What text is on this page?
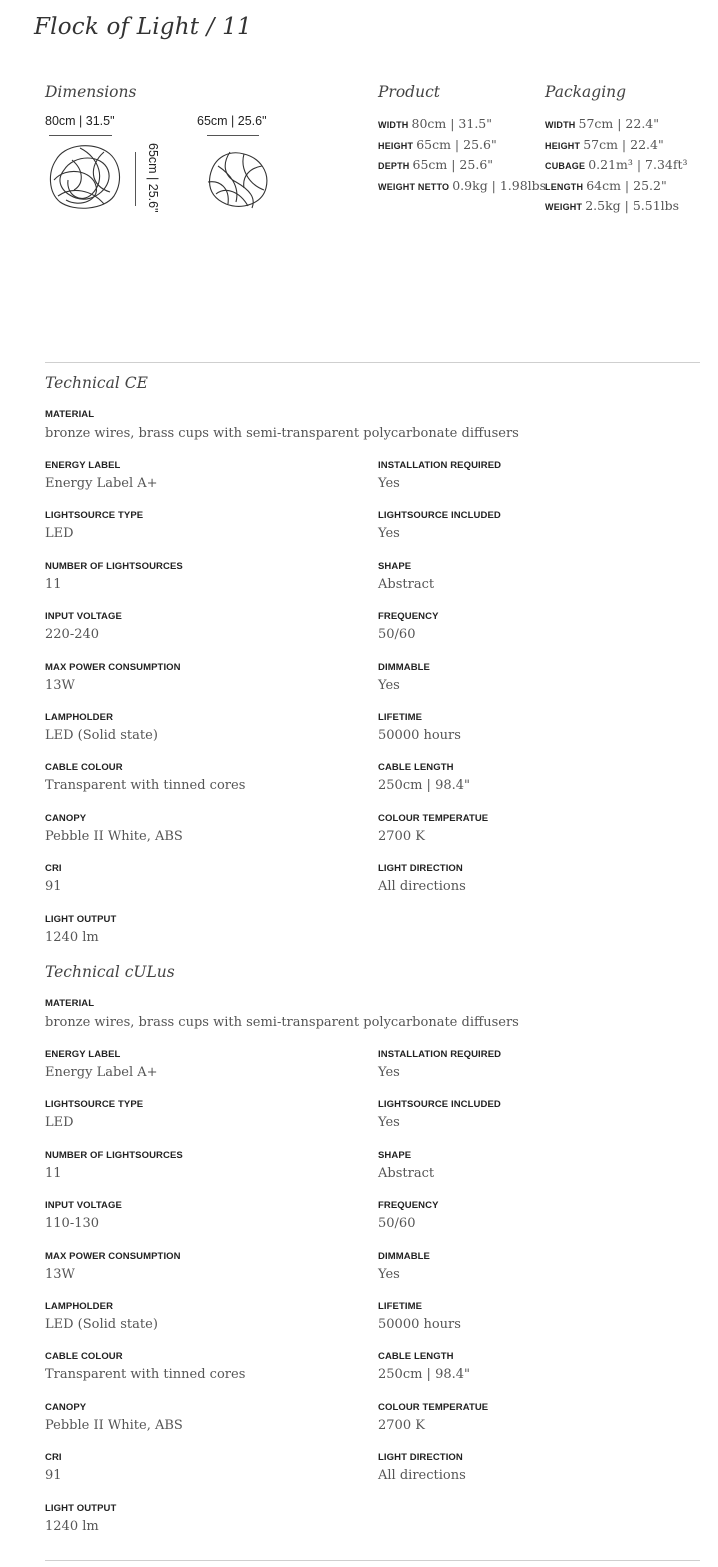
Flock of Light / 11
Dimensions
80cm | 31.5"
65cm | 25.6"
65cm | 25.6"
Product
WIDTH 80cm | 31.5"
HEIGHT 65cm | 25.6"
DEPTH 65cm | 25.6"
WEIGHT NETTO 0.9kg | 1.98lbs
Packaging
WIDTH 57cm | 22.4"
HEIGHT 57cm | 22.4"
CUBAGE 0.21m³ | 7.34ft³
LENGTH 64cm | 25.2"
WEIGHT 2.5kg | 5.51lbs
Technical CE
MATERIAL
bronze wires, brass cups with semi-transparent polycarbonate diffusers
ENERGY LABEL
Energy Label A+
LIGHTSOURCE TYPE
LED
NUMBER OF LIGHTSOURCES
11
INPUT VOLTAGE
220-240
MAX POWER CONSUMPTION
13W
LAMPHOLDER
LED (Solid state)
CABLE COLOUR
Transparent with tinned cores
CANOPY
Pebble II White, ABS
CRI
91
LIGHT OUTPUT
1240 lm
INSTALLATION REQUIRED
Yes
LIGHTSOURCE INCLUDED
Yes
SHAPE
Abstract
FREQUENCY
50/60
DIMMABLE
Yes
LIFETIME
50000 hours
CABLE LENGTH
250cm | 98.4"
COLOUR TEMPERATUE
2700 K
LIGHT DIRECTION
All directions
Technical cULus
MATERIAL
bronze wires, brass cups with semi-transparent polycarbonate diffusers
ENERGY LABEL
Energy Label A+
LIGHTSOURCE TYPE
LED
NUMBER OF LIGHTSOURCES
11
INPUT VOLTAGE
110-130
MAX POWER CONSUMPTION
13W
LAMPHOLDER
LED (Solid state)
CABLE COLOUR
Transparent with tinned cores
CANOPY
Pebble II White, ABS
CRI
91
LIGHT OUTPUT
1240 lm
INSTALLATION REQUIRED
Yes
LIGHTSOURCE INCLUDED
Yes
SHAPE
Abstract
FREQUENCY
50/60
DIMMABLE
Yes
LIFETIME
50000 hours
CABLE LENGTH
250cm | 98.4"
COLOUR TEMPERATUE
2700 K
LIGHT DIRECTION
All directions
